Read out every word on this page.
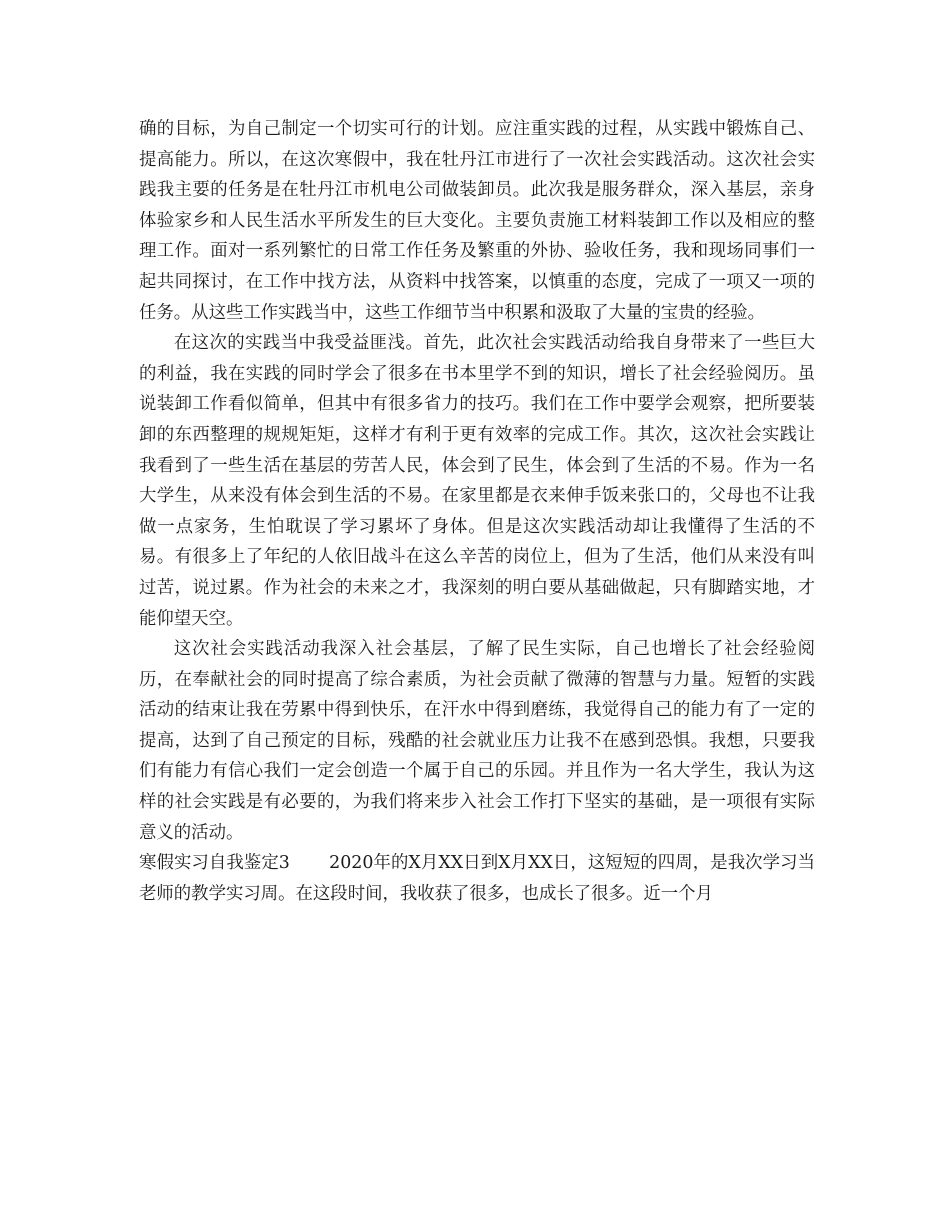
确的目标，为自己制定一个切实可行的计划。应注重实践的过程，从实践中锻炼自己、提高能力。所以，在这次寒假中，我在牡丹江市进行了一次社会实践活动。这次社会实践我主要的任务是在牡丹江市机电公司做装卸员。此次我是服务群众，深入基层，亲身体验家乡和人民生活水平所发生的巨大变化。主要负责施工材料装卸工作以及相应的整理工作。面对一系列繁忙的日常工作任务及繁重的外协、验收任务，我和现场同事们一起共同探讨，在工作中找方法，从资料中找答案，以慎重的态度，完成了一项又一项的任务。从这些工作实践当中，这些工作细节当中积累和汲取了大量的宝贵的经验。

在这次的实践当中我受益匪浅。首先，此次社会实践活动给我自身带来了一些巨大的利益，我在实践的同时学会了很多在书本里学不到的知识，增长了社会经验阅历。虽说装卸工作看似简单，但其中有很多省力的技巧。我们在工作中要学会观察，把所要装卸的东西整理的规规矩矩，这样才有利于更有效率的完成工作。其次，这次社会实践让我看到了一些生活在基层的劳苦人民，体会到了民生，体会到了生活的不易。作为一名大学生，从来没有体会到生活的不易。在家里都是衣来伸手饭来张口的，父母也不让我做一点家务，生怕耽误了学习累坏了身体。但是这次实践活动却让我懂得了生活的不易。有很多上了年纪的人依旧战斗在这么辛苦的岗位上，但为了生活，他们从来没有叫过苦，说过累。作为社会的未来之才，我深刻的明白要从基础做起，只有脚踏实地，才能仰望天空。

这次社会实践活动我深入社会基层，了解了民生实际，自己也增长了社会经验阅历，在奉献社会的同时提高了综合素质，为社会贡献了微薄的智慧与力量。短暂的实践活动的结束让我在劳累中得到快乐，在汗水中得到磨练，我觉得自己的能力有了一定的提高，达到了自己预定的目标，残酷的社会就业压力让我不在感到恐惧。我想，只要我们有能力有信心我们一定会创造一个属于自己的乐园。并且作为一名大学生，我认为这样的社会实践是有必要的，为我们将来步入社会工作打下坚实的基础，是一项很有实际意义的活动。

寒假实习自我鉴定3 2020年的X月XX日到X月XX日，这短短的四周，是我次学习当老师的教学实习周。在这段时间，我收获了很多，也成长了很多。近一个月
